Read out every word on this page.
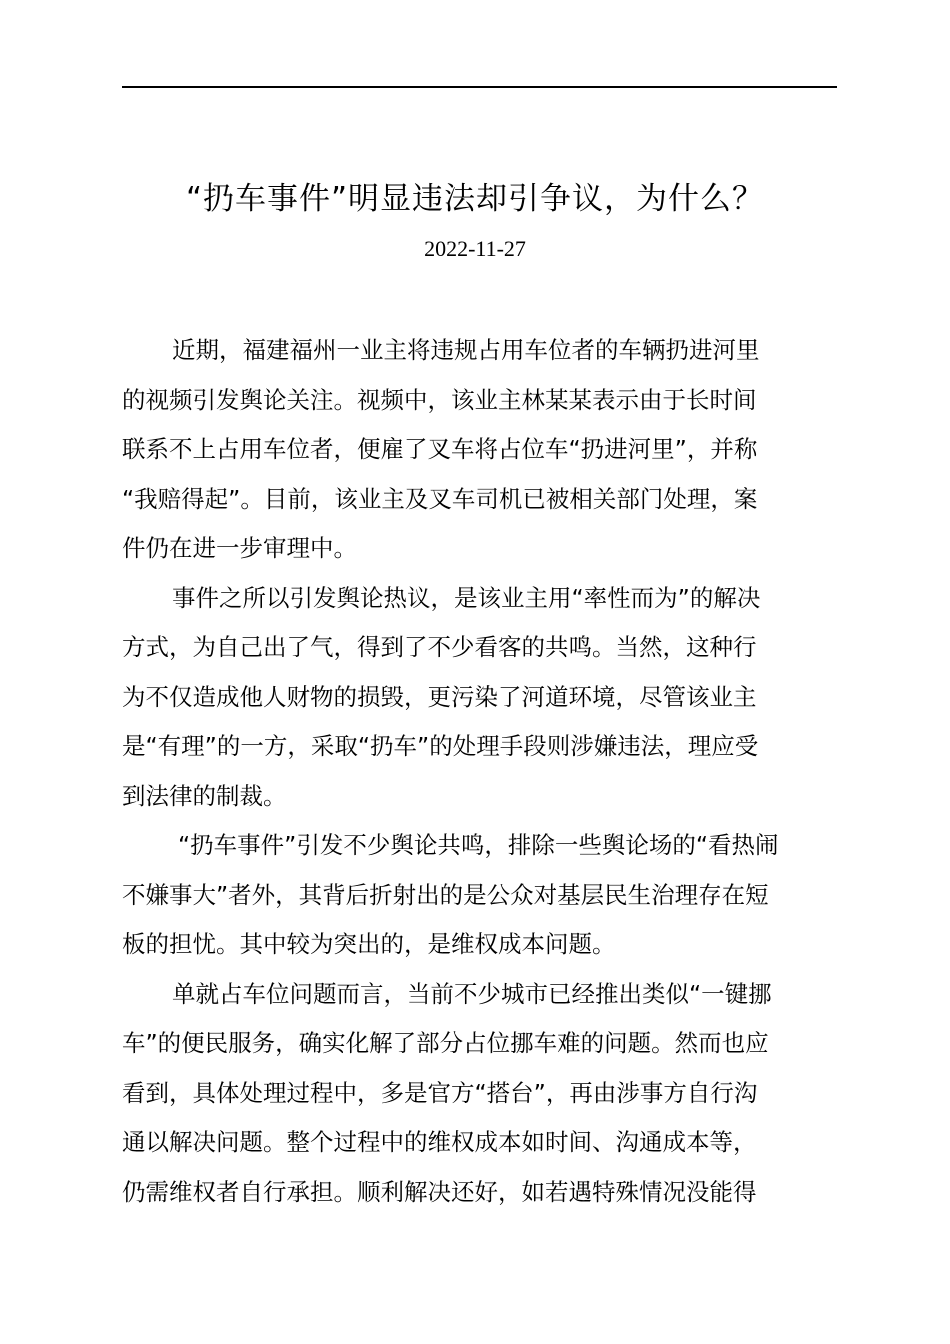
“扔车事件”明显违法却引争议，为什么？
2022-11-27
近期，福建福州一业主将违规占用车位者的车辆扔进河里
的视频引发舆论关注。视频中，该业主林某某表示由于长时间
联系不上占用车位者，便雇了叉车将占位车“扔进河里”，并称
“我赔得起”。目前，该业主及叉车司机已被相关部门处理，案
件仍在进一步审理中。
事件之所以引发舆论热议，是该业主用“率性而为”的解决
方式，为自己出了气，得到了不少看客的共鸣。当然，这种行
为不仅造成他人财物的损毁，更污染了河道环境，尽管该业主
是“有理”的一方，采取“扔车”的处理手段则涉嫌违法，理应受
到法律的制裁。
“扔车事件”引发不少舆论共鸣，排除一些舆论场的“看热闹
不嫌事大”者外，其背后折射出的是公众对基层民生治理存在短
板的担忧。其中较为突出的，是维权成本问题。
单就占车位问题而言，当前不少城市已经推出类似“一键挪
车”的便民服务，确实化解了部分占位挪车难的问题。然而也应
看到，具体处理过程中，多是官方“搭台”，再由涉事方自行沟
通以解决问题。整个过程中的维权成本如时间、沟通成本等，
仍需维权者自行承担。顺利解决还好，如若遇特殊情况没能得
